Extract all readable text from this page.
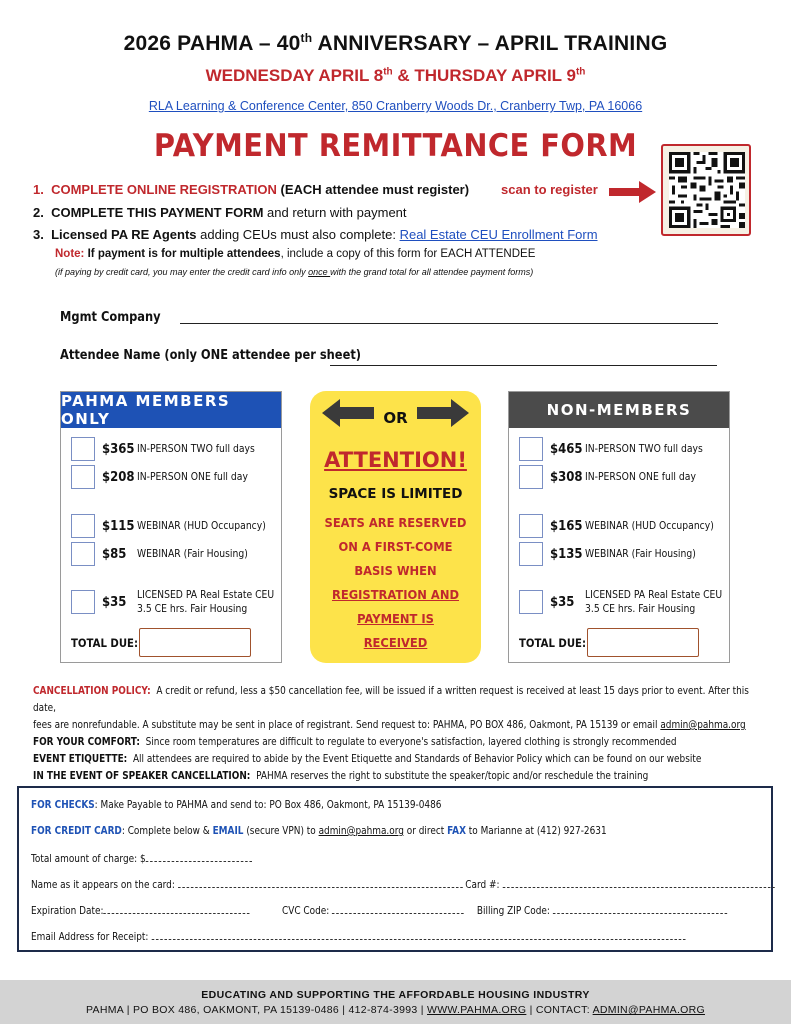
2026 PAHMA – 40th ANNIVERSARY – APRIL TRAINING
WEDNESDAY APRIL 8th & THURSDAY APRIL 9th
RLA Learning & Conference Center, 850 Cranberry Woods Dr., Cranberry Twp, PA 16066
PAYMENT REMITTANCE FORM
1. COMPLETE ONLINE REGISTRATION (EACH attendee must register) scan to register
2. COMPLETE THIS PAYMENT FORM and return with payment
3. Licensed PA RE Agents adding CEUs must also complete: Real Estate CEU Enrollment Form
Note: If payment is for multiple attendees, include a copy of this form for EACH ATTENDEE
(if paying by credit card, you may enter the credit card info only once with the grand total for all attendee payment forms)
Mgmt Company
Attendee Name (only ONE attendee per sheet)
PAHMA MEMBERS ONLY
$365 IN-PERSON TWO full days
$208 IN-PERSON ONE full day
$115 WEBINAR (HUD Occupancy)
$85	WEBINAR (Fair Housing)
$35	LICENSED PA Real Estate CEU
3.5 CE hrs. Fair Housing
TOTAL DUE:
OR
ATTENTION!
SPACE IS LIMITED
SEATS ARE RESERVED
ON A FIRST-COME
BASIS WHEN
REGISTRATION AND
PAYMENT IS
RECEIVED
NON-MEMBERS
$465 IN-PERSON TWO full days
$308 IN-PERSON ONE full day
$165 WEBINAR (HUD Occupancy)
$135 WEBINAR (Fair Housing)
$35	LICENSED PA Real Estate CEU
3.5 CE hrs. Fair Housing
TOTAL DUE:
CANCELLATION POLICY: A credit or refund, less a $50 cancellation fee, will be issued if a written request is received at least 15 days prior to event. After this date,
fees are nonrefundable. A substitute may be sent in place of registrant. Send request to: PAHMA, PO BOX 486, Oakmont, PA 15139 or email admin@pahma.org
FOR YOUR COMFORT: Since room temperatures are difficult to regulate to everyone's satisfaction, layered clothing is strongly recommended
EVENT ETIQUETTE: All attendees are required to abide by the Event Etiquette and Standards of Behavior Policy which can be found on our website
IN THE EVENT OF SPEAKER CANCELLATION: PAHMA reserves the right to substitute the speaker/topic and/or reschedule the training
FOR CHECKS: Make Payable to PAHMA and send to: PO Box 486, Oakmont, PA 15139-0486
FOR CREDIT CARD: Complete below & EMAIL (secure VPN) to admin@pahma.org or direct FAX to Marianne at (412) 927-2631
Total amount of charge: $
Name as it appears on the card:	Card #:
Expiration Date:	CVC Code:	Billing ZIP Code:
Email Address for Receipt:
EDUCATING AND SUPPORTING THE AFFORDABLE HOUSING INDUSTRY
PAHMA | PO BOX 486, OAKMONT, PA 15139-0486 | 412-874-3993 | WWW.PAHMA.ORG | CONTACT: ADMIN@PAHMA.ORG
